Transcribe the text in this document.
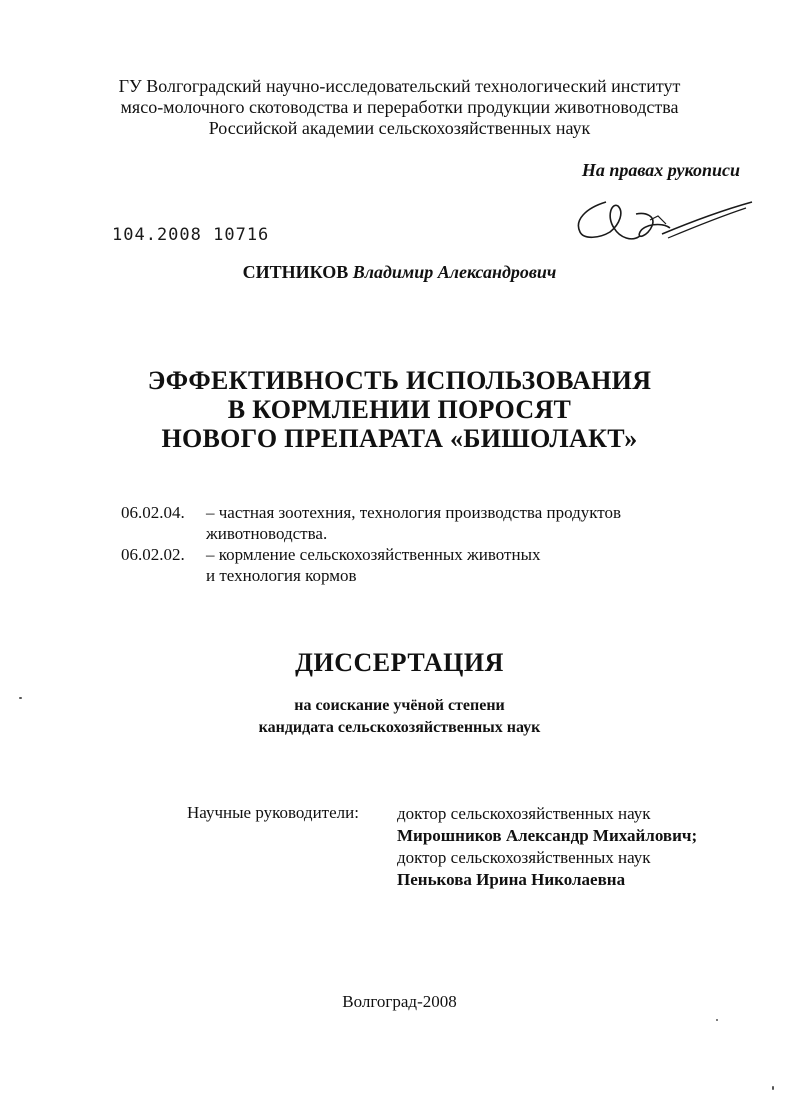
ГУ Волгоградский научно-исследовательский технологический институт
мясо-молочного скотоводства и переработки продукции животноводства
Российской академии сельскохозяйственных наук
На правах рукописи
104.2008 10716
СИТНИКОВ Владимир Александрович
ЭФФЕКТИВНОСТЬ ИСПОЛЬЗОВАНИЯ
В КОРМЛЕНИИ ПОРОСЯТ
НОВОГО ПРЕПАРАТА «БИШОЛАКТ»
06.02.04. – частная зоотехния, технология производства продуктов
животноводства.
06.02.02. – кормление сельскохозяйственных животных
и технология кормов
ДИССЕРТАЦИЯ
на соискание учёной степени
кандидата сельскохозяйственных наук
Научные руководители: доктор сельскохозяйственных наук
Мирошников Александр Михайлович;
доктор сельскохозяйственных наук
Пенькова Ирина Николаевна
Волгоград-2008
